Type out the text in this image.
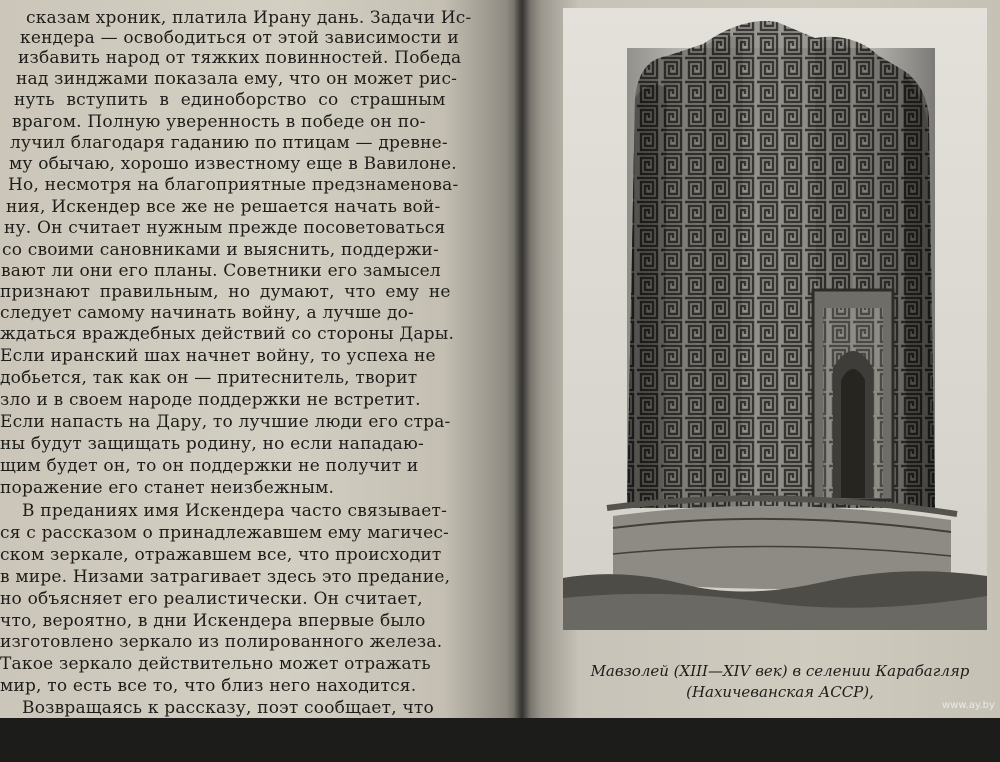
сказам хроник, платила Ирану дань. Задачи Ис-
кендера — освободиться от этой зависимости и
избавить народ от тяжких повинностей. Победа
над зинджами показала ему, что он может рис-
нуть вступить в единоборство со страшным
врагом. Полную уверенность в победе он по-
лучил благодаря гаданию по птицам — древне-
му обычаю, хорошо известному еще в Вавилоне.
Но, несмотря на благоприятные предзнаменова-
ния, Искендер все же не решается начать вой-
ну. Он считает нужным прежде посоветоваться
со своими сановниками и выяснить, поддержи-
вают ли они его планы. Советники его замысел
признают правильным, но думают, что ему не
следует самому начинать войну, а лучше до-
ждаться враждебных действий со стороны Дары.
Если иранский шах начнет войну, то успеха не
добьется, так как он — притеснитель, творит
зло и в своем народе поддержки не встретит.
Если напасть на Дару, то лучшие люди его стра-
ны будут защищать родину, но если нападаю-
щим будет он, то он поддержки не получит и
поражение его станет неизбежным.
В преданиях имя Искендера часто связывает-
ся с рассказом о принадлежавшем ему магичес-
ском зеркале, отражавшем все, что происходит
в мире. Низами затрагивает здесь это предание,
но объясняет его реалистически. Он считает,
что, вероятно, в дни Искендера впервые было
изготовлено зеркало из полированного железа.
Такое зеркало действительно может отражать
мир, то есть все то, что близ него находится.
Возвращаясь к рассказу, поэт сообщает, что
Дара потребовал у Искендера дань, которую
тот перестал выплачивать. Упоминается антич-
Мавзолей (XIII—XIV век) в селении Карабагляр
(Нахичеванская АССР),
www.ay.by
